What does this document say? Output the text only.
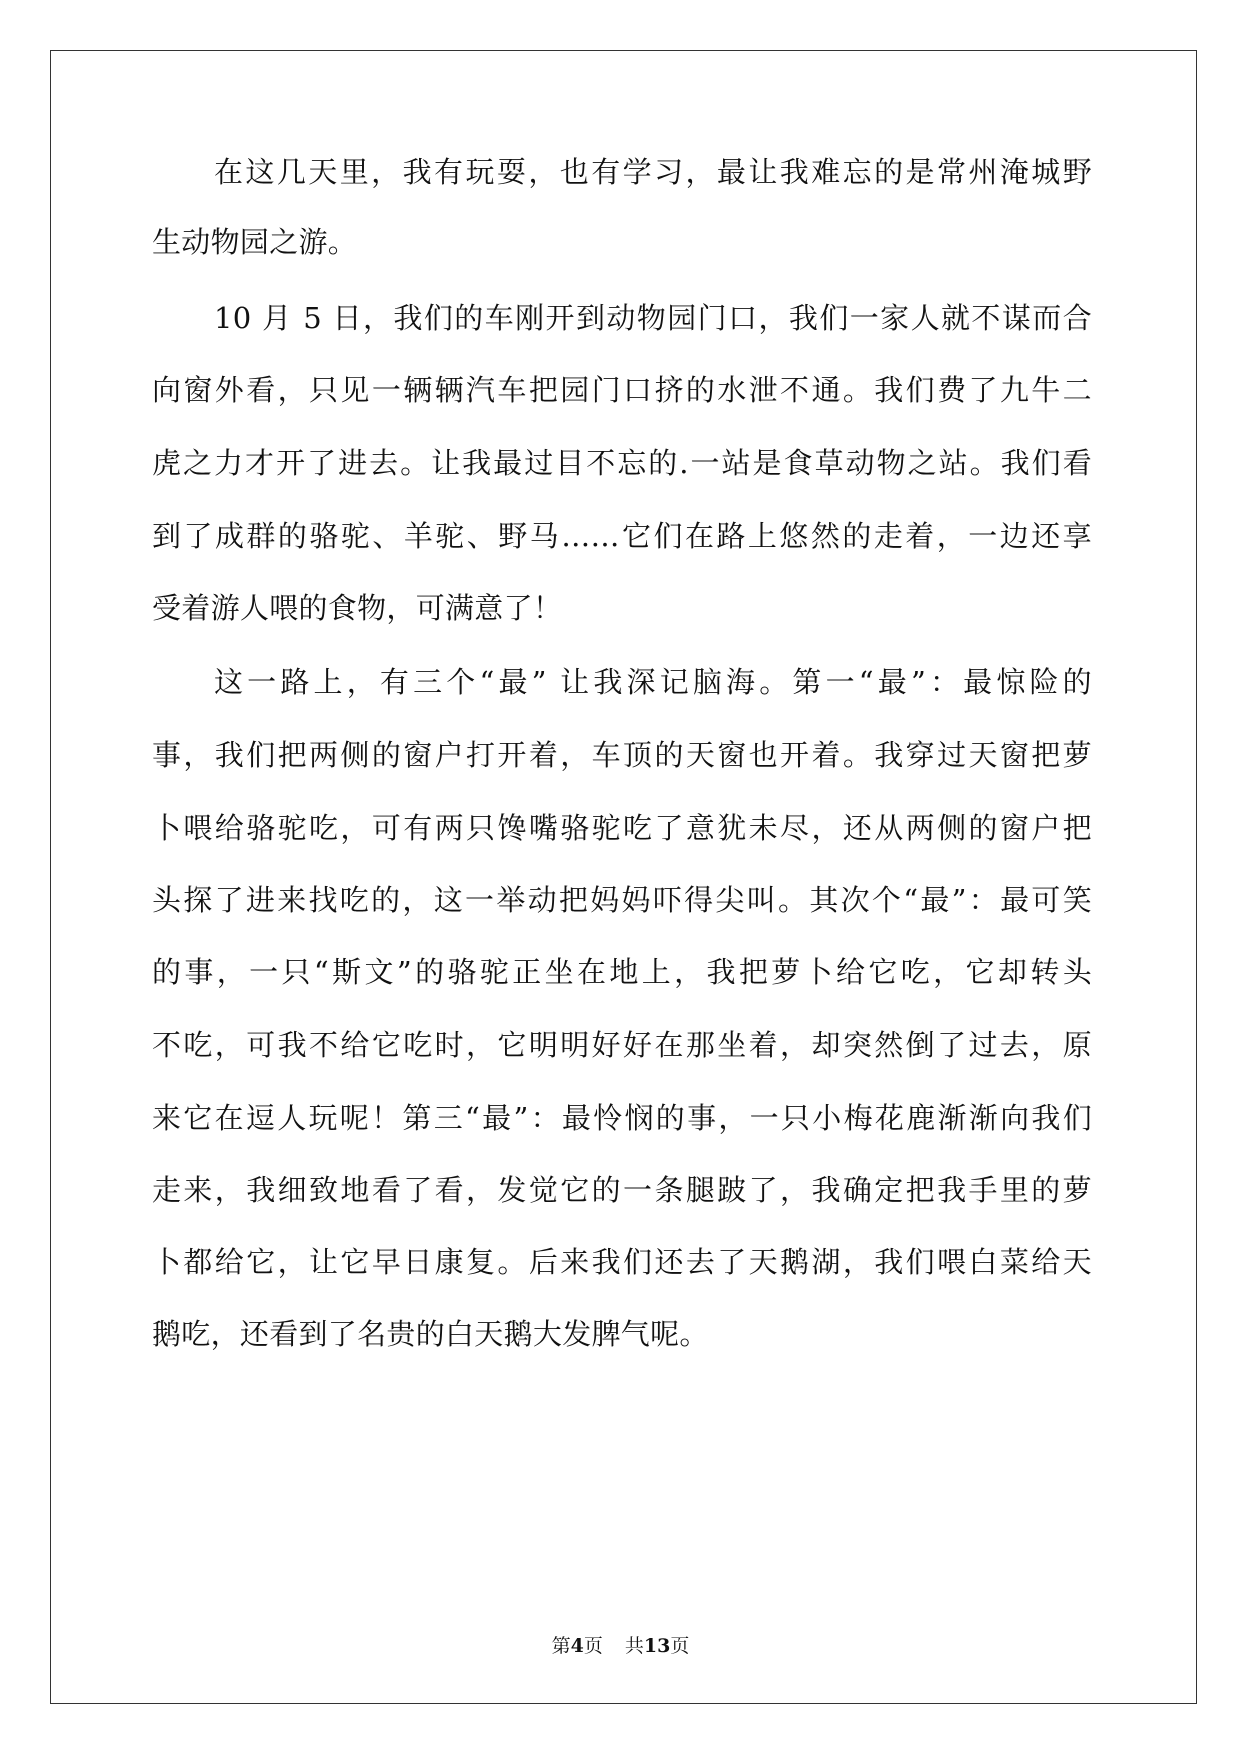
在这几天里，我有玩耍，也有学习，最让我难忘的是常州淹城野
生动物园之游。
10 月 5 日，我们的车刚开到动物园门口，我们一家人就不谋而合
向窗外看，只见一辆辆汽车把园门口挤的水泄不通。我们费了九牛二
虎之力才开了进去。让我最过目不忘的.一站是食草动物之站。我们看
到了成群的骆驼、羊驼、野马……它们在路上悠然的走着，一边还享
受着游人喂的食物，可满意了！
这一路上，有三个“最” 让我深记脑海。第一“最”：最惊险的
事，我们把两侧的窗户打开着，车顶的天窗也开着。我穿过天窗把萝
卜喂给骆驼吃，可有两只馋嘴骆驼吃了意犹未尽，还从两侧的窗户把
头探了进来找吃的，这一举动把妈妈吓得尖叫。其次个“最”：最可笑
的事，一只“斯文”的骆驼正坐在地上，我把萝卜给它吃，它却转头
不吃，可我不给它吃时，它明明好好在那坐着，却突然倒了过去，原
来它在逗人玩呢！第三“最”：最怜悯的事，一只小梅花鹿渐渐向我们
走来，我细致地看了看，发觉它的一条腿跛了，我确定把我手里的萝
卜都给它，让它早日康复。后来我们还去了天鹅湖，我们喂白菜给天
鹅吃，还看到了名贵的白天鹅大发脾气呢。
第4页 共13页
